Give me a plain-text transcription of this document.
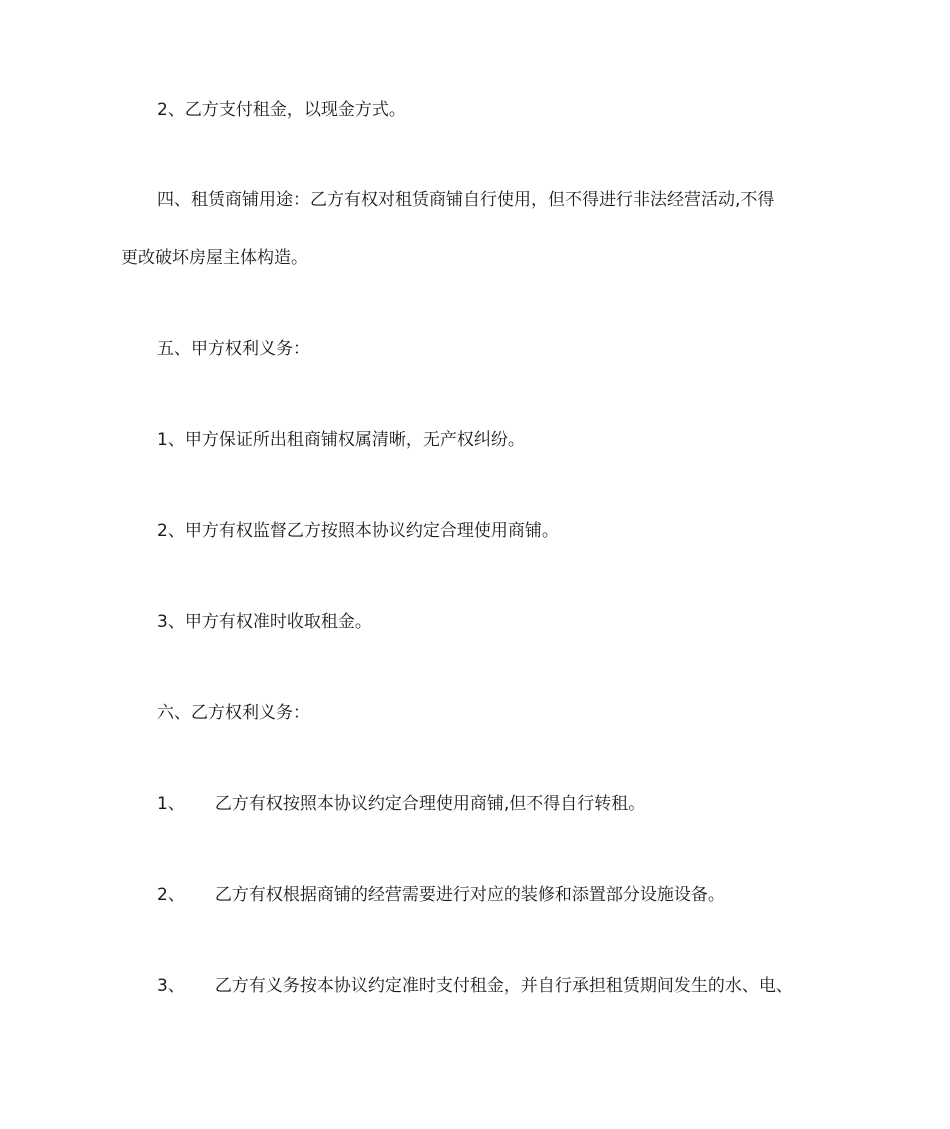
2、乙方支付租金，以现金方式。
四、租赁商铺用途：乙方有权对租赁商铺自行使用，但不得进行非法经营活动,不得
更改破坏房屋主体构造。
五、甲方权利义务：
1、甲方保证所出租商铺权属清晰，无产权纠纷。
2、甲方有权监督乙方按照本协议约定合理使用商铺。
3、甲方有权准时收取租金。
六、乙方权利义务：
1、 乙方有权按照本协议约定合理使用商铺,但不得自行转租。
2、 乙方有权根据商铺的经营需要进行对应的装修和添置部分设施设备。
3、 乙方有义务按本协议约定准时支付租金，并自行承担租赁期间发生的水、电、
